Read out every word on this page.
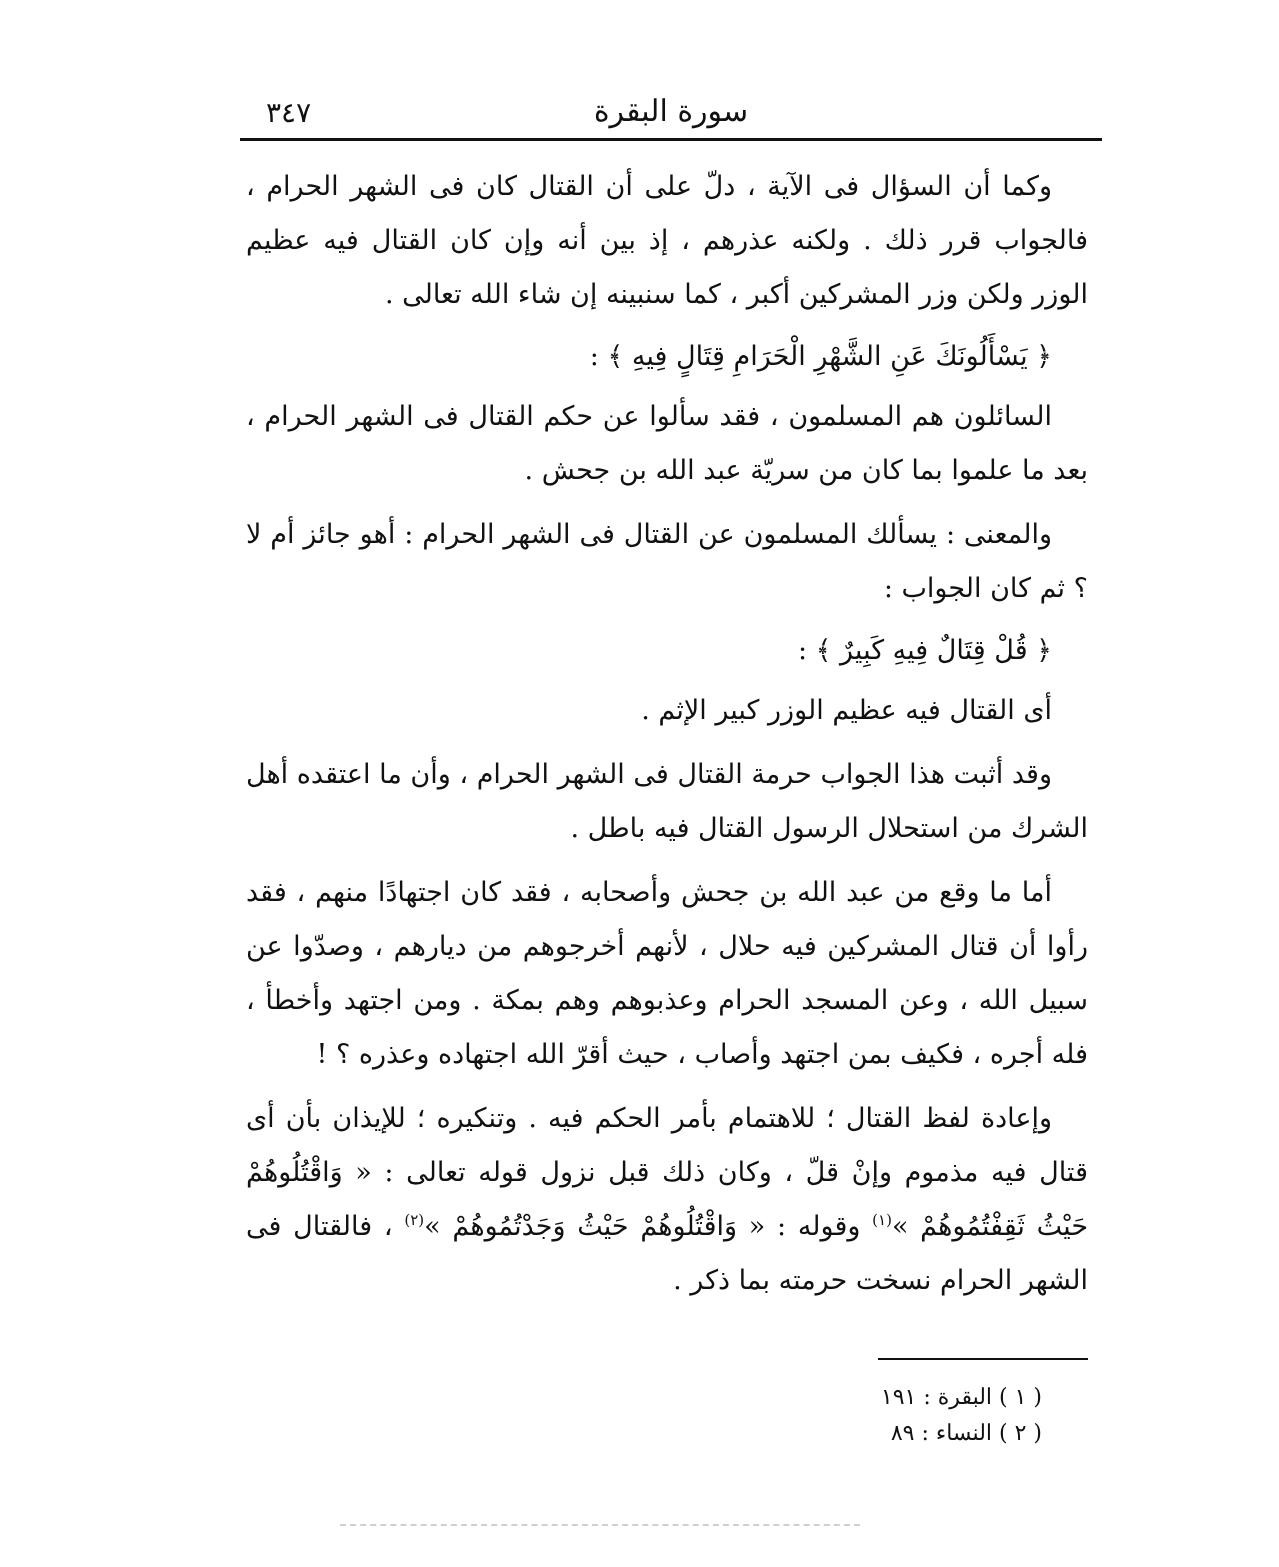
٣٤٧	سورة البقرة

وكما أن السؤال فى الآية ، دلّ على أن القتال كان فى الشهر الحرام ، فالجواب قرر ذلك . ولكنه عذرهم ، إذ بين أنه وإن كان القتال فيه عظيم الوزر ولكن وزر المشركين أكبر ، كما سنبينه إن شاء الله تعالى .

﴿ يَسْأَلُونَكَ عَنِ الشَّهْرِ الْحَرَامِ قِتَالٍ فِيهِ ﴾ :

السائلون هم المسلمون ، فقد سألوا عن حكم القتال فى الشهر الحرام ، بعد ما علموا بما كان من سريّة عبد الله بن جحش .

والمعنى : يسألك المسلمون عن القتال فى الشهر الحرام : أهو جائز أم لا ؟ ثم كان الجواب :

﴿ قُلْ قِتَالٌ فِيهِ كَبِيرٌ ﴾ :

أى القتال فيه عظيم الوزر كبير الإثم .

وقد أثبت هذا الجواب حرمة القتال فى الشهر الحرام ، وأن ما اعتقده أهل الشرك من استحلال الرسول القتال فيه باطل .

أما ما وقع من عبد الله بن جحش وأصحابه ، فقد كان اجتهادًا منهم ، فقد رأوا أن قتال المشركين فيه حلال ، لأنهم أخرجوهم من ديارهم ، وصدّوا عن سبيل الله ، وعن المسجد الحرام وعذبوهم وهم بمكة . ومن اجتهد وأخطأ ، فله أجره ، فكيف بمن اجتهد وأصاب ، حيث أقرّ الله اجتهاده وعذره ؟ !

وإعادة لفظ القتال ؛ للاهتمام بأمر الحكم فيه . وتنكيره ؛ للإيذان بأن أى قتال فيه مذموم وإنْ قلّ ، وكان ذلك قبل نزول قوله تعالى : « وَاقْتُلُوهُمْ حَيْثُ ثَقِفْتُمُوهُمْ »$^{(١)}$ وقوله : « وَاقْتُلُوهُمْ حَيْثُ وَجَدْتُمُوهُمْ »$^{(٢)}$ ، فالقتال فى الشهر الحرام نسخت حرمته بما ذكر .

( ١ ) البقرة : ١٩١
( ٢ ) النساء : ٨٩
